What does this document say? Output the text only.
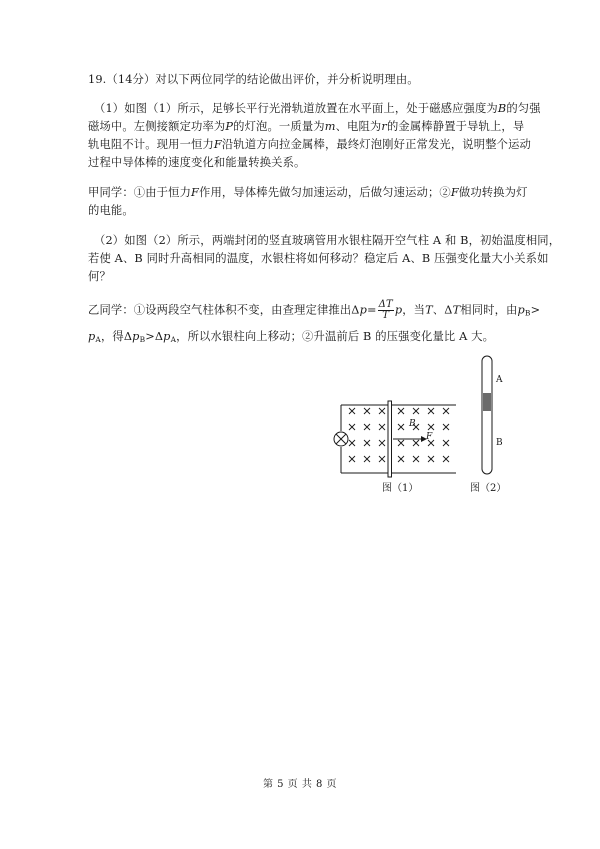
19.（14分）对以下两位同学的结论做出评价，并分析说明理由。
（1）如图（1）所示，足够长平行光滑轨道放置在水平面上，处于磁感应强度为B的匀强
磁场中。左侧接额定功率为P的灯泡。一质量为m、电阻为r的金属棒静置于导轨上，导
轨电阻不计。现用一恒力F沿轨道方向拉金属棒，最终灯泡刚好正常发光，说明整个运动
过程中导体棒的速度变化和能量转换关系。
甲同学：①由于恒力F作用，导体棒先做匀加速运动，后做匀速运动；②F做功转换为灯
的电能。
（2）如图（2）所示，两端封闭的竖直玻璃管用水银柱隔开空气柱 A 和 B，初始温度相同，
若使 A、B 同时升高相同的温度，水银柱将如何移动？稳定后 A、B 压强变化量大小关系如
何？
乙同学：①设两段空气柱体积不变，由查理定律推出$\Delta p= \frac{\Delta T}{T}$ p，当T、ΔT相同时，由$p_B>$
$p_A$，得$\Delta p_B>\Delta p_A$，所以水银柱向上移动；②升温前后 B 的压强变化量比 A 大。
B
F
图（1）
A
B
图（2）
第 5 页 共 8 页
